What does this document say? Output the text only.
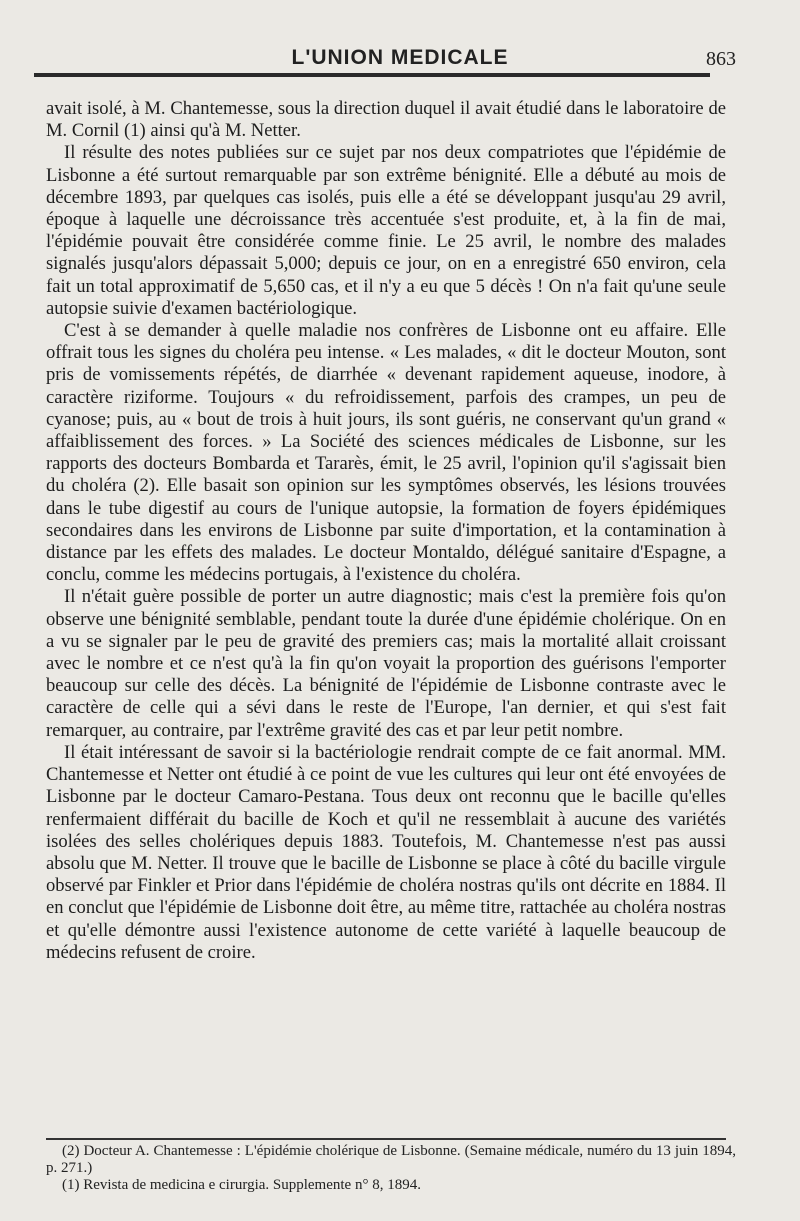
L'UNION MEDICALE	863

avait isolé, à M. Chantemesse, sous la direction duquel il avait étudié dans le laboratoire de M. Cornil (1) ainsi qu'à M. Netter.

Il résulte des notes publiées sur ce sujet par nos deux compatriotes que l'épidémie de Lisbonne a été surtout remarquable par son extrême bénignité. Elle a débuté au mois de décembre 1893, par quelques cas isolés, puis elle a été se développant jusqu'au 29 avril, époque à laquelle une décroissance très accentuée s'est produite, et, à la fin de mai, l'épidémie pouvait être considérée comme finie. Le 25 avril, le nombre des malades signalés jusqu'alors dépassait 5,000; depuis ce jour, on en a enregistré 650 environ, cela fait un total approximatif de 5,650 cas, et il n'y a eu que 5 décès ! On n'a fait qu'une seule autopsie suivie d'examen bactériologique.

C'est à se demander à quelle maladie nos confrères de Lisbonne ont eu affaire. Elle offrait tous les signes du choléra peu intense. « Les malades, « dit le docteur Mouton, sont pris de vomissements répétés, de diarrhée « devenant rapidement aqueuse, inodore, à caractère riziforme. Toujours « du refroidissement, parfois des crampes, un peu de cyanose; puis, au « bout de trois à huit jours, ils sont guéris, ne conservant qu'un grand « affaiblissement des forces. » La Société des sciences médicales de Lisbonne, sur les rapports des docteurs Bombarda et Tararès, émit, le 25 avril, l'opinion qu'il s'agissait bien du choléra (2). Elle basait son opinion sur les symptômes observés, les lésions trouvées dans le tube digestif au cours de l'unique autopsie, la formation de foyers épidémiques secondaires dans les environs de Lisbonne par suite d'importation, et la contamination à distance par les effets des malades. Le docteur Montaldo, délégué sanitaire d'Espagne, a conclu, comme les médecins portugais, à l'existence du choléra.

Il n'était guère possible de porter un autre diagnostic; mais c'est la première fois qu'on observe une bénignité semblable, pendant toute la durée d'une épidémie cholérique. On en a vu se signaler par le peu de gravité des premiers cas; mais la mortalité allait croissant avec le nombre et ce n'est qu'à la fin qu'on voyait la proportion des guérisons l'emporter beaucoup sur celle des décès. La bénignité de l'épidémie de Lisbonne contraste avec le caractère de celle qui a sévi dans le reste de l'Europe, l'an dernier, et qui s'est fait remarquer, au contraire, par l'extrême gravité des cas et par leur petit nombre.

Il était intéressant de savoir si la bactériologie rendrait compte de ce fait anormal. MM. Chantemesse et Netter ont étudié à ce point de vue les cultures qui leur ont été envoyées de Lisbonne par le docteur Camaro-Pestana. Tous deux ont reconnu que le bacille qu'elles renfermaient différait du bacille de Koch et qu'il ne ressemblait à aucune des variétés isolées des selles cholériques depuis 1883. Toutefois, M. Chantemesse n'est pas aussi absolu que M. Netter. Il trouve que le bacille de Lisbonne se place à côté du bacille virgule observé par Finkler et Prior dans l'épidémie de choléra nostras qu'ils ont décrite en 1884. Il en conclut que l'épidémie de Lisbonne doit être, au même titre, rattachée au choléra nostras et qu'elle démontre aussi l'existence autonome de cette variété à laquelle beaucoup de médecins refusent de croire.

(2) Docteur A. Chantemesse : L'épidémie cholérique de Lisbonne. (Semaine médicale, numéro du 13 juin 1894, p. 271.)

(1) Revista de medicina e cirurgia. Supplemente n° 8, 1894.
